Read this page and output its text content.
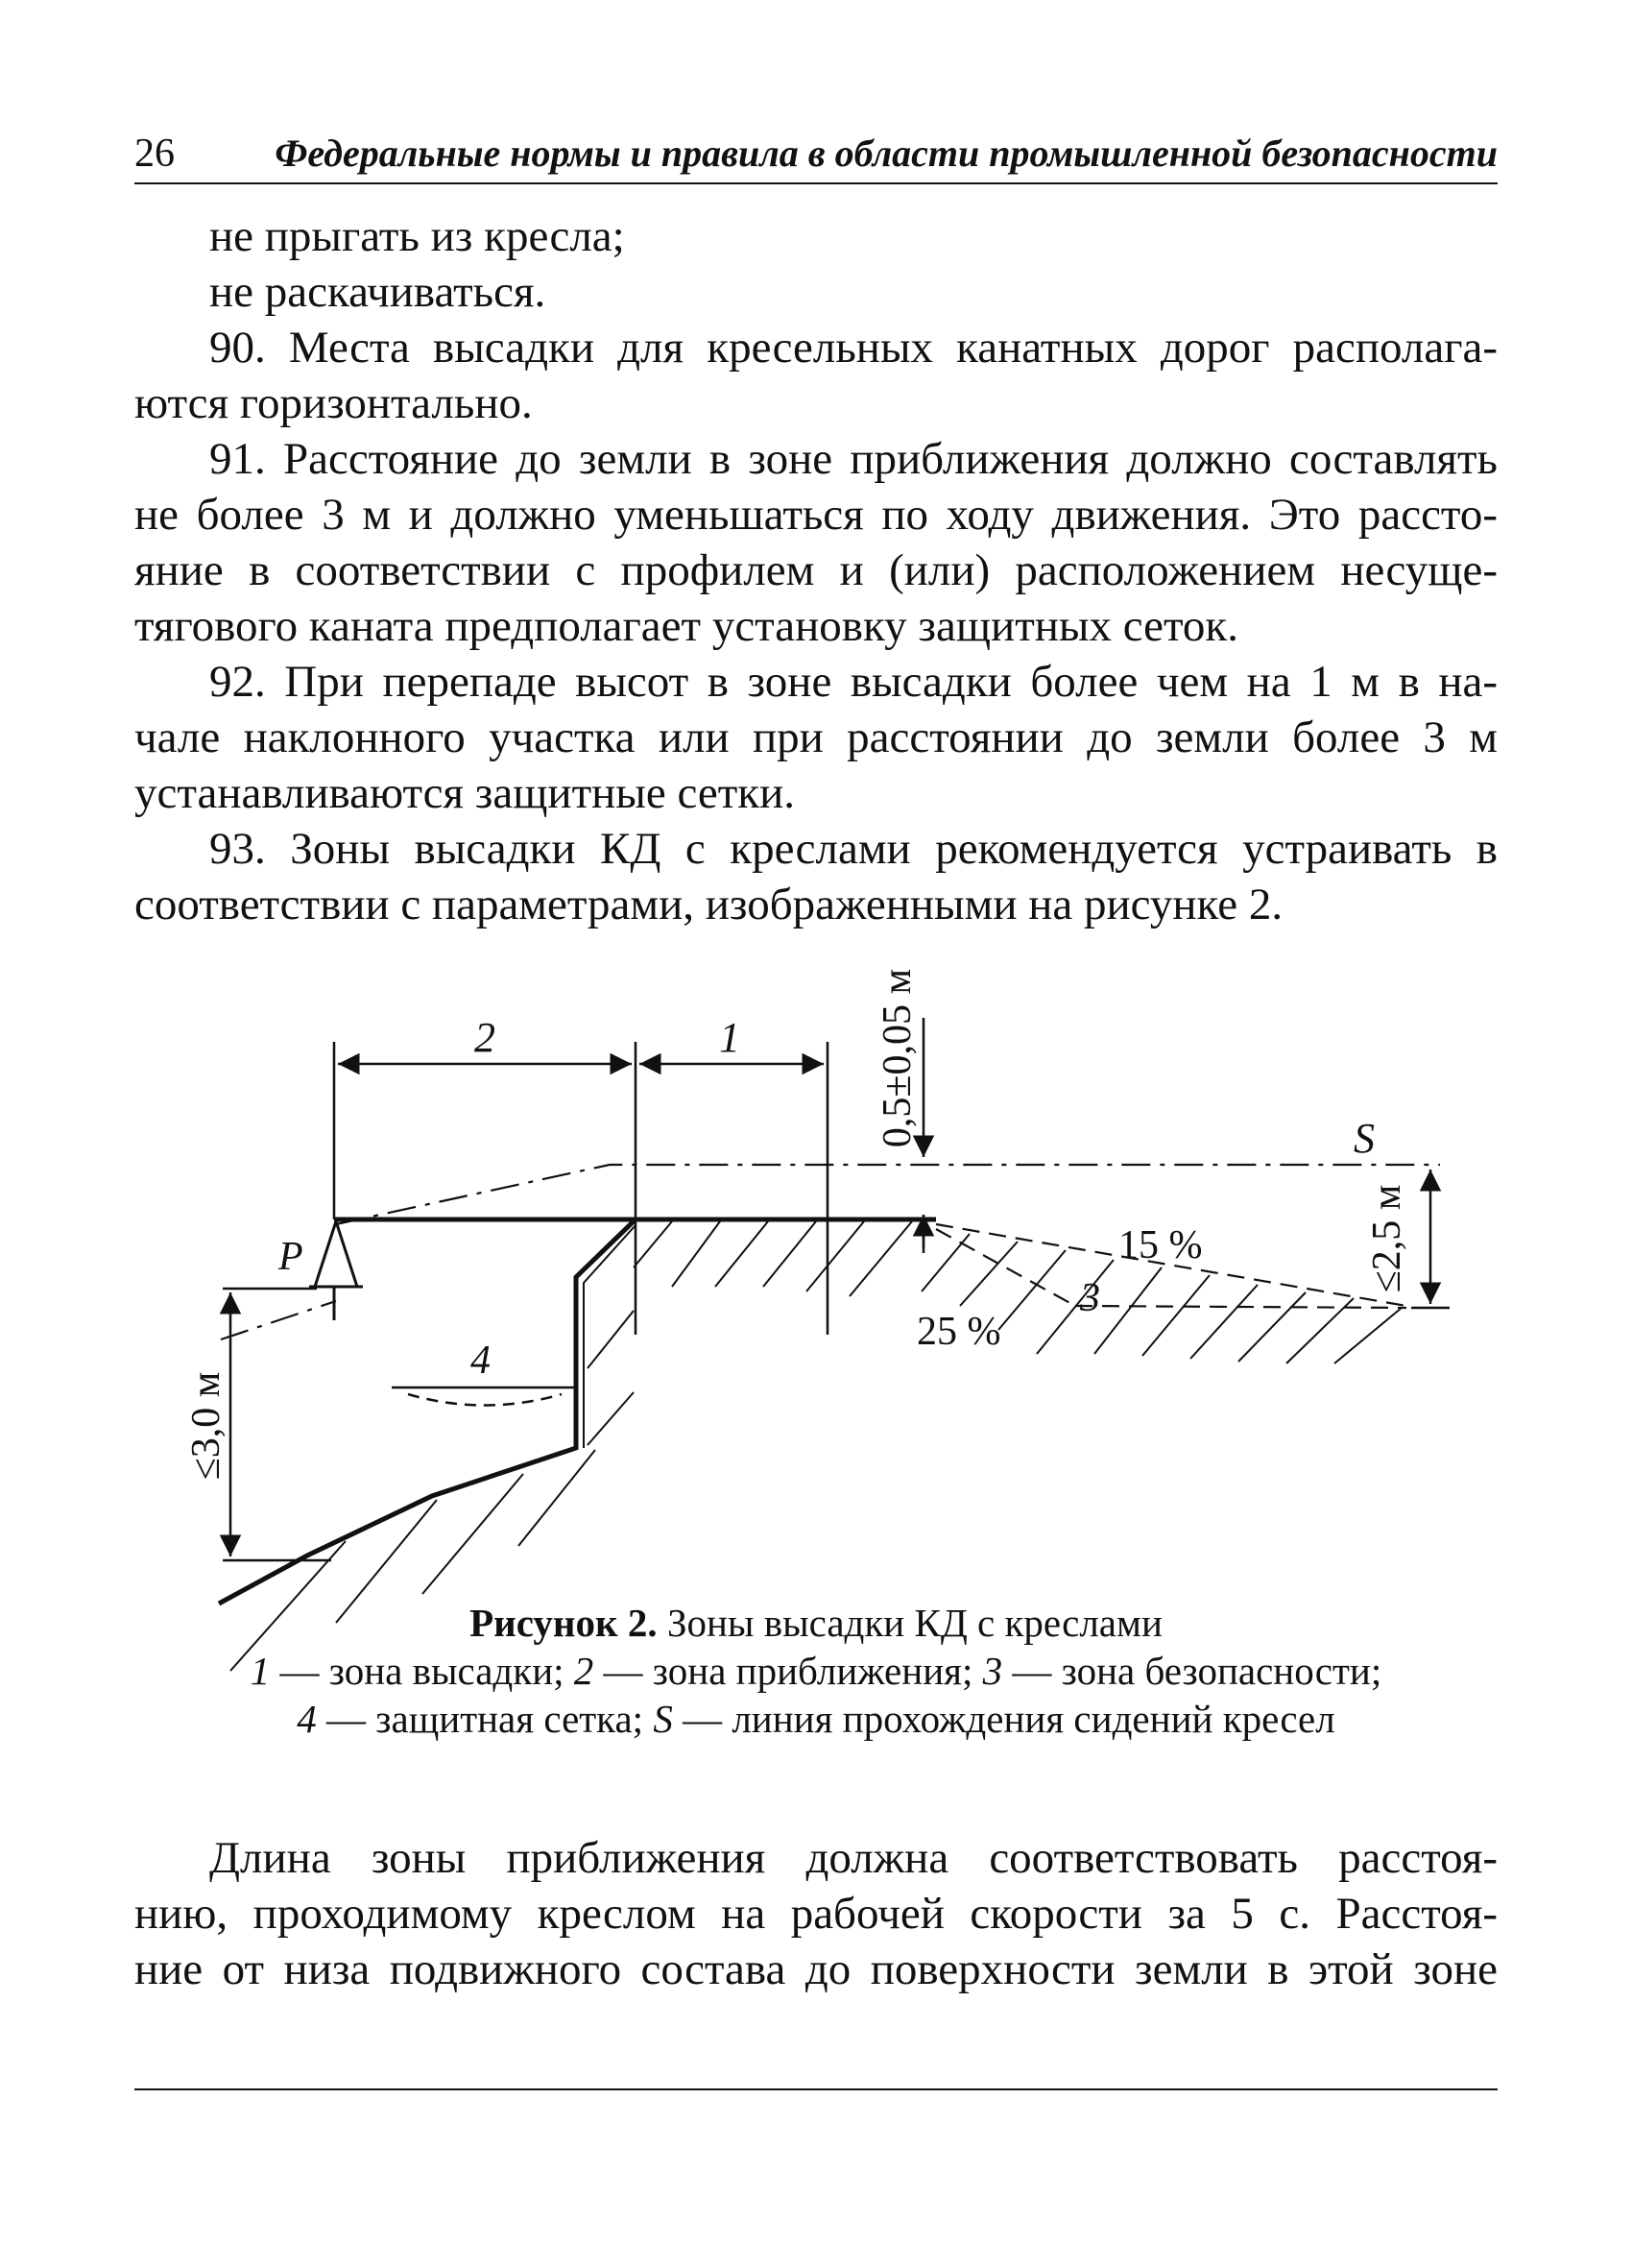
26	Федеральные нормы и правила в области промышленной безопасности
не прыгать из кресла;
не раскачиваться.
90. Места высадки для кресельных канатных дорог располага-
ются горизонтально.
91. Расстояние до земли в зоне приближения должно составлять
не более 3 м и должно уменьшаться по ходу движения. Это рассто-
яние в соответствии с профилем и (или) расположением несуще-
тягового каната предполагает установку защитных сеток.
92. При перепаде высот в зоне высадки более чем на 1 м в на-
чале наклонного участка или при расстоянии до земли более 3 м
устанавливаются защитные сетки.
93. Зоны высадки КД с креслами рекомендуется устраивать в
соответствии с параметрами, изображенными на рисунке 2.
2	1	0,5±0,05 м	S
≤2,5 м
15 %
25 %
3
P
≤3,0 м
4
Рисунок 2. Зоны высадки КД с креслами
1 — зона высадки; 2 — зона приближения; 3 — зона безопасности;
4 — защитная сетка; S — линия прохождения сидений кресел
Длина зоны приближения должна соответствовать расстоя-
нию, проходимому креслом на рабочей скорости за 5 с. Расстоя-
ние от низа подвижного состава до поверхности земли в этой зоне
